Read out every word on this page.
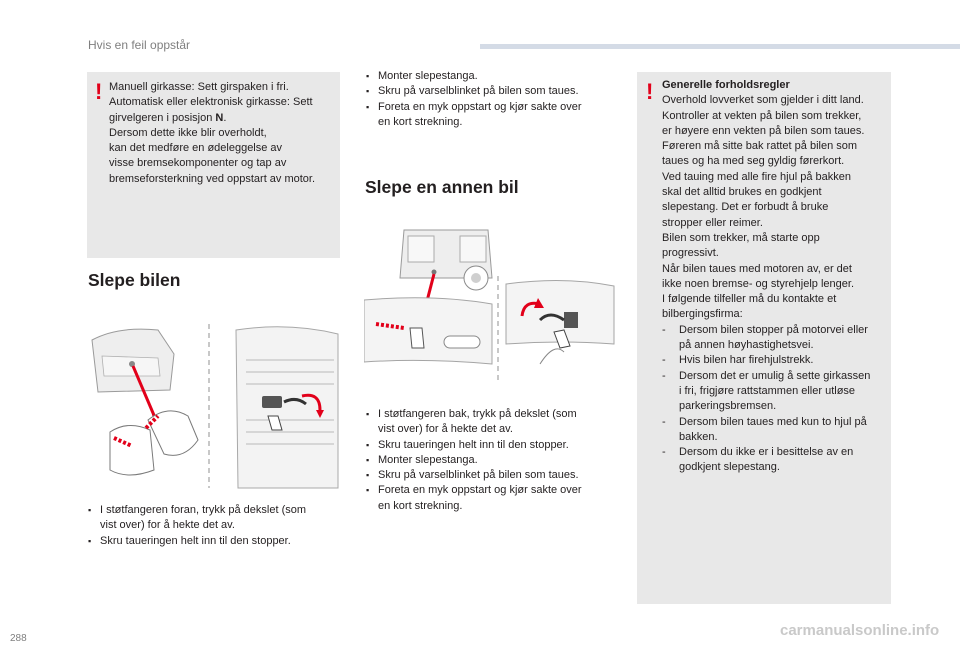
Hvis en feil oppstår
! Manuell girkasse: Sett girspaken i fri.

Automatisk eller elektronisk girkasse: Sett

girvelgeren i posisjon N.

Dersom dette ikke blir overholdt,

kan det medføre en ødeleggelse av

visse bremsekomponenter og tap av

bremseforsterkning ved oppstart av motor.

Slepe bilen

▪ I støtfangeren foran, trykk på dekslet (som
vist over) for å hekte det av.

▪ Skru taueringen helt inn til den stopper.

▪ Monter slepestanga.

▪ Skru på varselblinket på bilen som taues.

▪ Foreta en myk oppstart og kjør sakte over
en kort strekning.

Slepe en annen bil

▪ I støtfangeren bak, trykk på dekslet (som
vist over) for å hekte det av.

▪ Skru taueringen helt inn til den stopper.

▪ Monter slepestanga.

▪ Skru på varselblinket på bilen som taues.

▪ Foreta en myk oppstart og kjør sakte over
en kort strekning.

! Generelle forholdsregler

Overhold lovverket som gjelder i ditt land.

Kontroller at vekten på bilen som trekker,

er høyere enn vekten på bilen som taues.

Føreren må sitte bak rattet på bilen som

taues og ha med seg gyldig førerkort.

Ved tauing med alle fire hjul på bakken

skal det alltid brukes en godkjent

slepestang. Det er forbudt å bruke

stropper eller reimer.

Bilen som trekker, må starte opp

progressivt.

Når bilen taues med motoren av, er det

ikke noen bremse- og styrehjelp lenger.

I følgende tilfeller må du kontakte et

bilbergingsfirma:

- Dersom bilen stopper på motorvei eller
på annen høyhastighetsvei.

- Hvis bilen har firehjulstrekk.

- Dersom det er umulig å sette girkassen
i fri, frigjøre rattstammen eller utløse
parkeringsbremsen.

- Dersom bilen taues med kun to hjul på
bakken.

- Dersom du ikke er i besittelse av en
godkjent slepestang.

288	carmanualsonline.info
